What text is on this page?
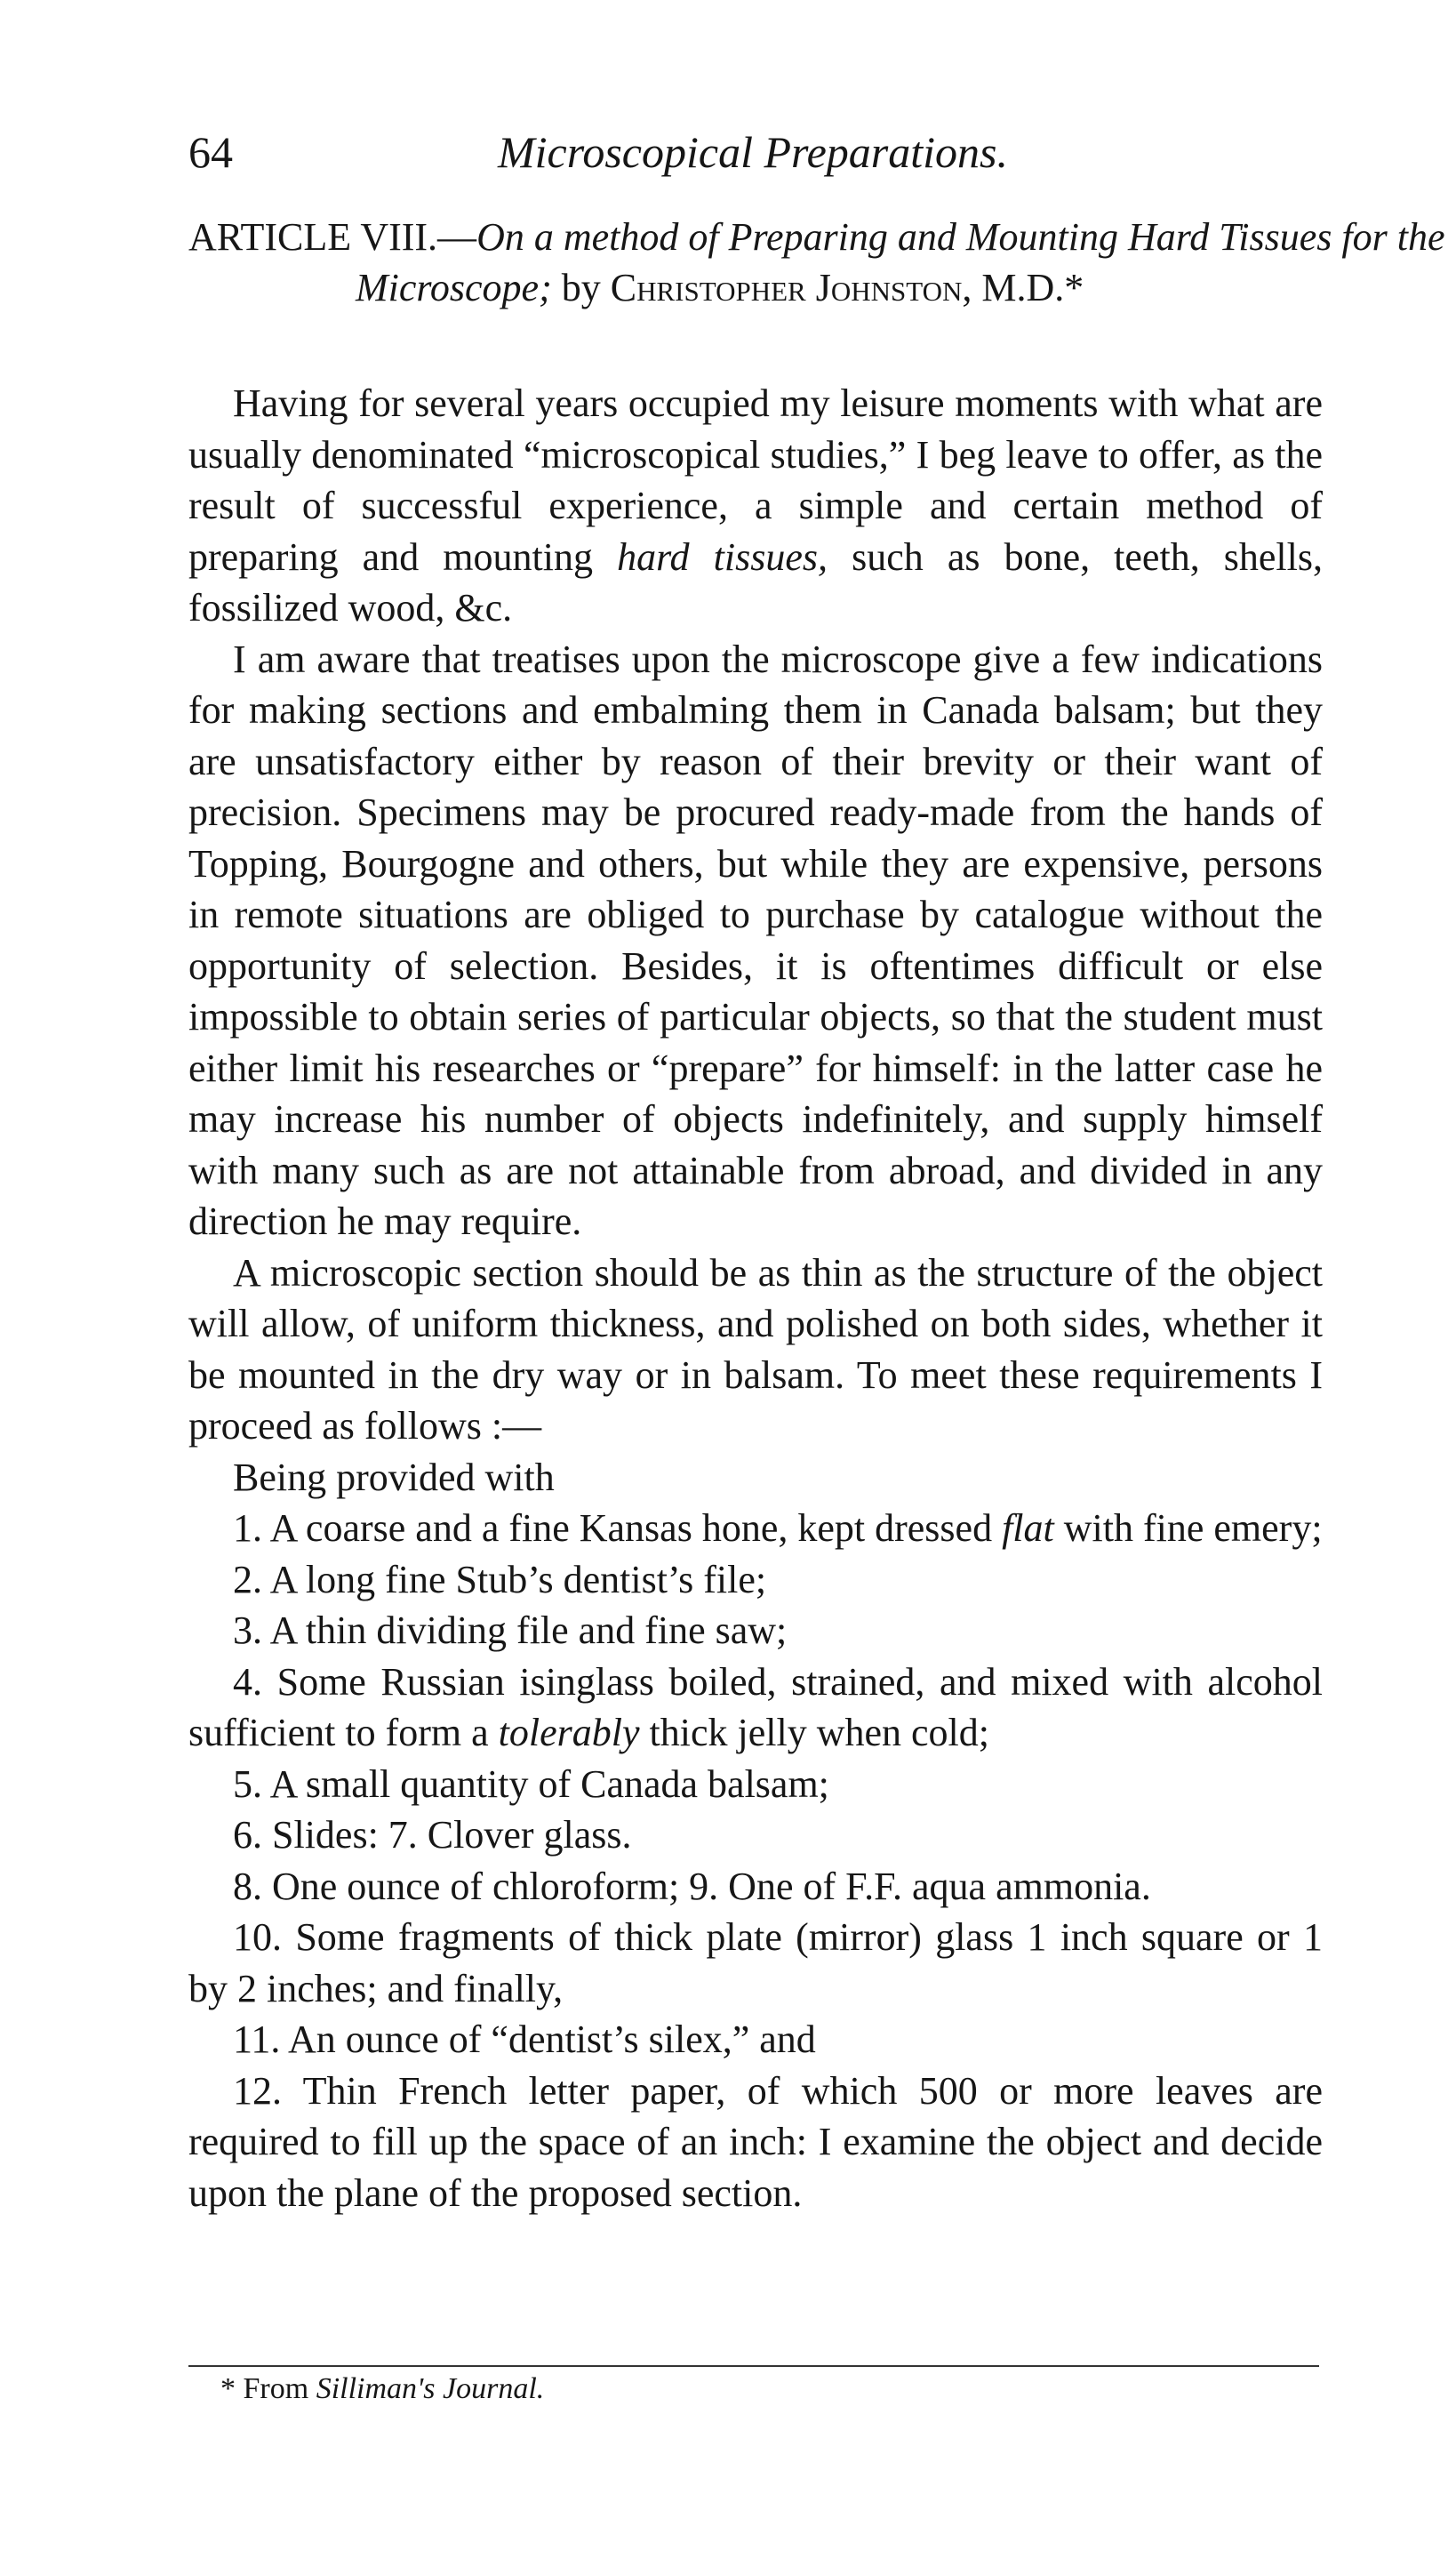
64	Microscopical Preparations.
ARTICLE VIII.—On a method of Preparing and Mounting Hard Tissues for the Microscope; by Christopher Johnston, M.D.*

Having for several years occupied my leisure moments with what are usually denominated “microscopical studies,” I beg leave to offer, as the result of successful experience, a simple and certain method of preparing and mounting hard tissues, such as bone, teeth, shells, fossilized wood, &c.

I am aware that treatises upon the microscope give a few indications for making sections and embalming them in Canada balsam; but they are unsatisfactory either by reason of their brevity or their want of precision. Specimens may be procured ready-made from the hands of Topping, Bourgogne and others, but while they are expensive, persons in remote situations are obliged to purchase by catalogue without the opportunity of selection. Besides, it is oftentimes difficult or else impossible to obtain series of particular objects, so that the student must either limit his researches or “prepare” for himself: in the latter case he may increase his number of objects indefinitely, and supply himself with many such as are not attainable from abroad, and divided in any direction he may require.

A microscopic section should be as thin as the structure of the object will allow, of uniform thickness, and polished on both sides, whether it be mounted in the dry way or in balsam. To meet these requirements I proceed as follows :—

Being provided with

1. A coarse and a fine Kansas hone, kept dressed flat with fine emery;

2. A long fine Stub’s dentist’s file;

3. A thin dividing file and fine saw;

4. Some Russian isinglass boiled, strained, and mixed with alcohol sufficient to form a tolerably thick jelly when cold;

5. A small quantity of Canada balsam;

6. Slides: 7. Clover glass.

8. One ounce of chloroform; 9. One of F.F. aqua ammonia.

10. Some fragments of thick plate (mirror) glass 1 inch square or 1 by 2 inches; and finally,

11. An ounce of “dentist’s silex,” and

12. Thin French letter paper, of which 500 or more leaves are required to fill up the space of an inch: I examine the object and decide upon the plane of the proposed section.

* From Silliman's Journal.
